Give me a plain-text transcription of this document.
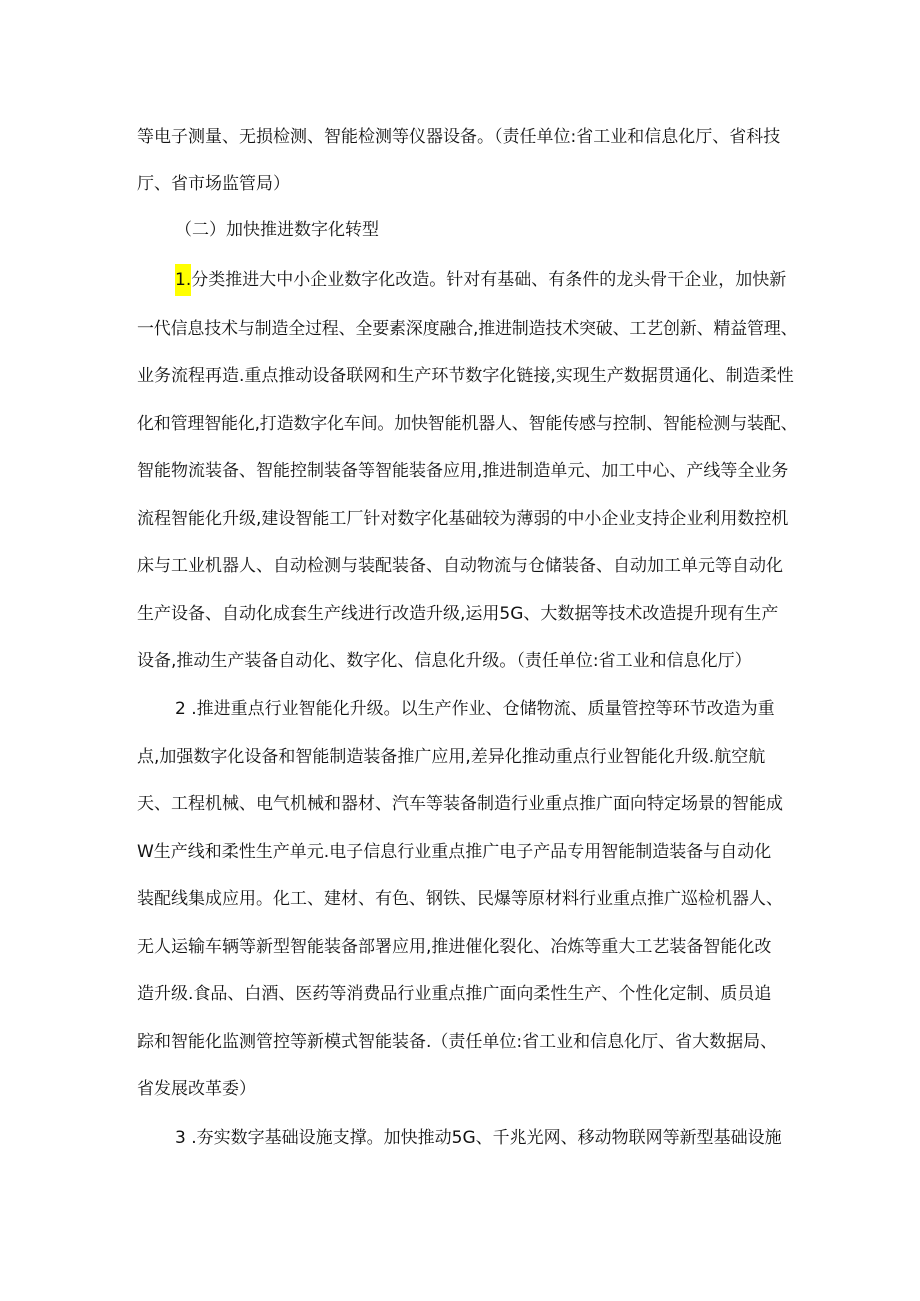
等电子测量、无损检测、智能检测等仪器设备。（责任单位:省工业和信息化厅、省科技
厅、省市场监管局）
（二）加快推进数字化转型
1.分类推进大中小企业数字化改造。针对有基础、有条件的龙头骨干企业，加快新
一代信息技术与制造全过程、全要素深度融合,推进制造技术突破、工艺创新、精益管理、
业务流程再造.重点推动设备联网和生产环节数字化链接,实现生产数据贯通化、制造柔性
化和管理智能化,打造数字化车间。加快智能机器人、智能传感与控制、智能检测与装配、
智能物流装备、智能控制装备等智能装备应用,推进制造单元、加工中心、产线等全业务
流程智能化升级,建设智能工厂针对数字化基础较为薄弱的中小企业支持企业利用数控机
床与工业机器人、自动检测与装配装备、自动物流与仓储装备、自动加工单元等自动化
生产设备、自动化成套生产线进行改造升级,运用5G、大数据等技术改造提升现有生产
设备,推动生产装备自动化、数字化、信息化升级。（责任单位:省工业和信息化厅）
2 .推进重点行业智能化升级。以生产作业、仓储物流、质量管控等环节改造为重
点,加强数字化设备和智能制造装备推广应用,差异化推动重点行业智能化升级.航空航
天、工程机械、电气机械和器材、汽车等装备制造行业重点推广面向特定场景的智能成
W生产线和柔性生产单元.电子信息行业重点推广电子产品专用智能制造装备与自动化
装配线集成应用。化工、建材、有色、钢铁、民爆等原材料行业重点推广巡检机器人、
无人运输车辆等新型智能装备部署应用,推进催化裂化、冶炼等重大工艺装备智能化改
造升级.食品、白酒、医药等消费品行业重点推广面向柔性生产、个性化定制、质员追
踪和智能化监测管控等新模式智能装备.（责任单位:省工业和信息化厅、省大数据局、
省发展改革委）
3 .夯实数字基础设施支撑。加快推动5G、千兆光网、移动物联网等新型基础设施
